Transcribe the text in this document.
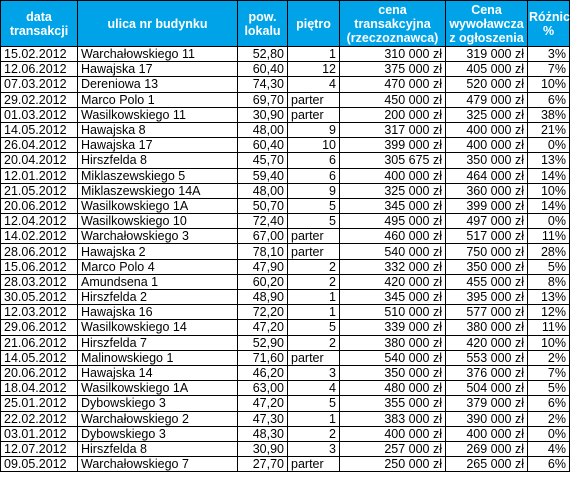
data transakcji	ulica nr budynku	pow. lokalu	piętro	cena transakcyjna (rzeczoznawca)	Cena wywoławcza z ogłoszenia	Różnica %
15.02.2012	Warchałowskiego 11	52,80	1	310 000 zł	319 000 zł	3%
12.06.2012	Hawajska 17	60,40	12	375 000 zł	405 000 zł	7%
07.03.2012	Dereniowa 13	74,30	4	470 000 zł	520 000 zł	10%
29.02.2012	Marco Polo 1	69,70	parter	450 000 zł	479 000 zł	6%
01.03.2012	Wasilkowskiego 11	30,90	parter	200 000 zł	325 000 zł	38%
14.05.2012	Hawajska 8	48,00	9	317 000 zł	400 000 zł	21%
26.04.2012	Hawajska 17	60,40	10	399 000 zł	400 000 zł	0%
20.04.2012	Hirszfelda 8	45,70	6	305 675 zł	350 000 zł	13%
12.01.2012	Miklaszewskiego 5	59,40	6	400 000 zł	464 000 zł	14%
21.05.2012	Miklaszewskiego 14A	48,00	9	325 000 zł	360 000 zł	10%
20.06.2012	Wasilkowskiego 1A	50,70	5	345 000 zł	399 000 zł	14%
12.04.2012	Wasilkowskiego 10	72,40	5	495 000 zł	497 000 zł	0%
14.02.2012	Warchałowskiego 3	67,00	parter	460 000 zł	517 000 zł	11%
28.06.2012	Hawajska 2	78,10	parter	540 000 zł	750 000 zł	28%
15.06.2012	Marco Polo 4	47,90	2	332 000 zł	350 000 zł	5%
28.03.2012	Amundsena 1	60,20	2	420 000 zł	455 000 zł	8%
30.05.2012	Hirszfelda 2	48,90	1	345 000 zł	395 000 zł	13%
12.03.2012	Hawajska 16	72,20	1	510 000 zł	577 000 zł	12%
29.06.2012	Wasilkowskiego 14	47,20	5	339 000 zł	380 000 zł	11%
21.06.2012	Hirszfelda 7	52,90	2	380 000 zł	420 000 zł	10%
14.05.2012	Malinowskiego 1	71,60	parter	540 000 zł	553 000 zł	2%
20.06.2012	Hawajska 14	46,20	3	350 000 zł	376 000 zł	7%
18.04.2012	Wasilkowskiego 1A	63,00	4	480 000 zł	504 000 zł	5%
25.01.2012	Dybowskiego 3	47,20	5	355 000 zł	379 000 zł	6%
22.02.2012	Warchałowskiego 2	47,30	1	383 000 zł	390 000 zł	2%
03.01.2012	Dybowskiego 3	48,30	2	400 000 zł	400 000 zł	0%
12.07.2012	Hirszfelda 8	30,90	3	257 000 zł	269 000 zł	4%
09.05.2012	Warchałowskiego 7	27,70	parter	250 000 zł	265 000 zł	6%
